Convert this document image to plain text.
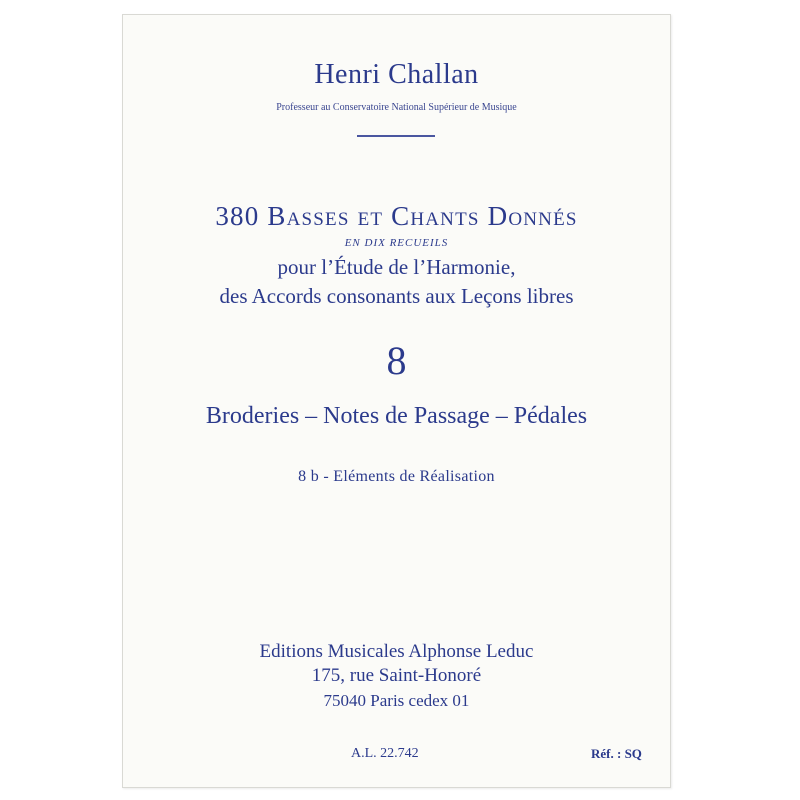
Henri Challan
Professeur au Conservatoire National Supérieur de Musique
380 Basses et Chants Donnés
EN DIX RECUEILS
pour l’Étude de l’Harmonie,
des Accords consonants aux Leçons libres
8
Broderies – Notes de Passage – Pédales
8 b - Eléments de Réalisation
Editions Musicales Alphonse Leduc
175, rue Saint-Honoré
75040 Paris cedex 01
A.L. 22.742	Réf. : SQ
